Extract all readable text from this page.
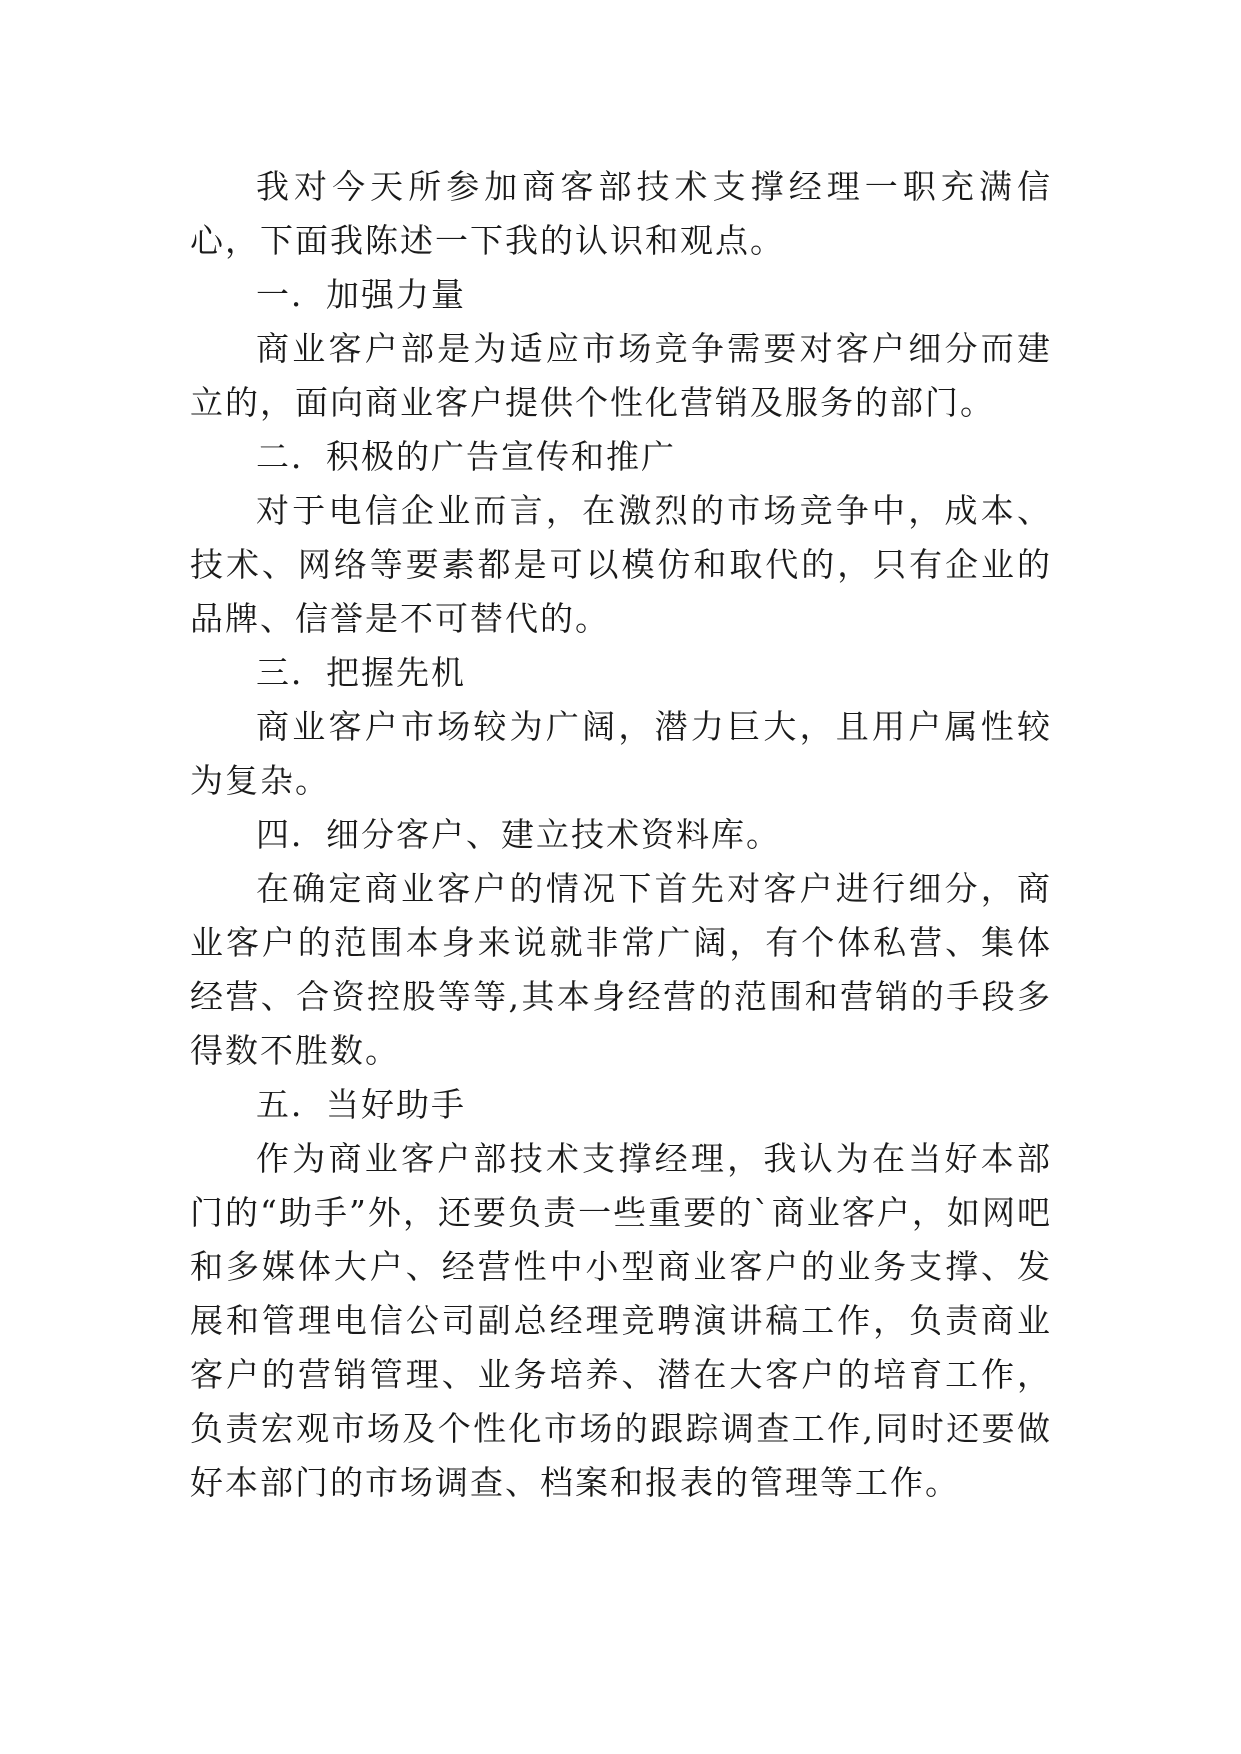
我对今天所参加商客部技术支撑经理一职充满信心，下面我陈述一下我的认识和观点。

一．加强力量

商业客户部是为适应市场竞争需要对客户细分而建立的，面向商业客户提供个性化营销及服务的部门。

二．积极的广告宣传和推广

对于电信企业而言，在激烈的市场竞争中，成本、技术、网络等要素都是可以模仿和取代的，只有企业的品牌、信誉是不可替代的。

三．把握先机

商业客户市场较为广阔，潜力巨大，且用户属性较为复杂。

四．细分客户、建立技术资料库。

在确定商业客户的情况下首先对客户进行细分，商业客户的范围本身来说就非常广阔，有个体私营、集体经营、合资控股等等,其本身经营的范围和营销的手段多得数不胜数。

五．当好助手

作为商业客户部技术支撑经理，我认为在当好本部门的“助手”外，还要负责一些重要的`商业客户，如网吧和多媒体大户、经营性中小型商业客户的业务支撑、发展和管理电信公司副总经理竞聘演讲稿工作，负责商业客户的营销管理、业务培养、潜在大客户的培育工作，负责宏观市场及个性化市场的跟踪调查工作,同时还要做好本部门的市场调查、档案和报表的管理等工作。
